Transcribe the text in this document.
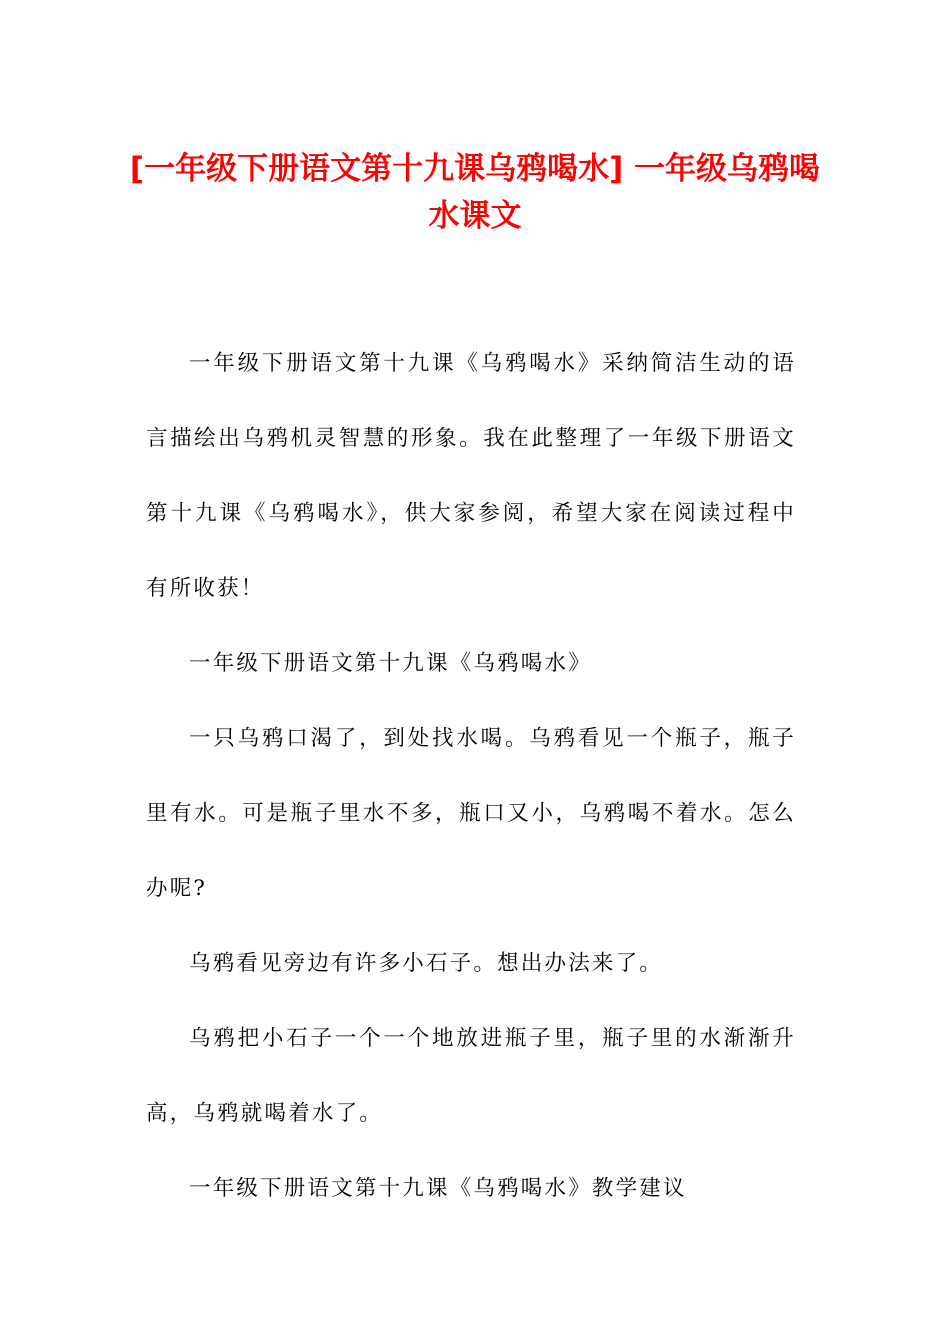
[一年级下册语文第十九课乌鸦喝水] 一年级乌鸦喝水课文

一年级下册语文第十九课《乌鸦喝水》采纳简洁生动的语言描绘出乌鸦机灵智慧的形象。我在此整理了一年级下册语文第十九课《乌鸦喝水》，供大家参阅，希望大家在阅读过程中有所收获！

一年级下册语文第十九课《乌鸦喝水》

一只乌鸦口渴了，到处找水喝。乌鸦看见一个瓶子，瓶子里有水。可是瓶子里水不多，瓶口又小，乌鸦喝不着水。怎么办呢?

乌鸦看见旁边有许多小石子。想出办法来了。

乌鸦把小石子一个一个地放进瓶子里，瓶子里的水渐渐升高，乌鸦就喝着水了。

一年级下册语文第十九课《乌鸦喝水》教学建议
